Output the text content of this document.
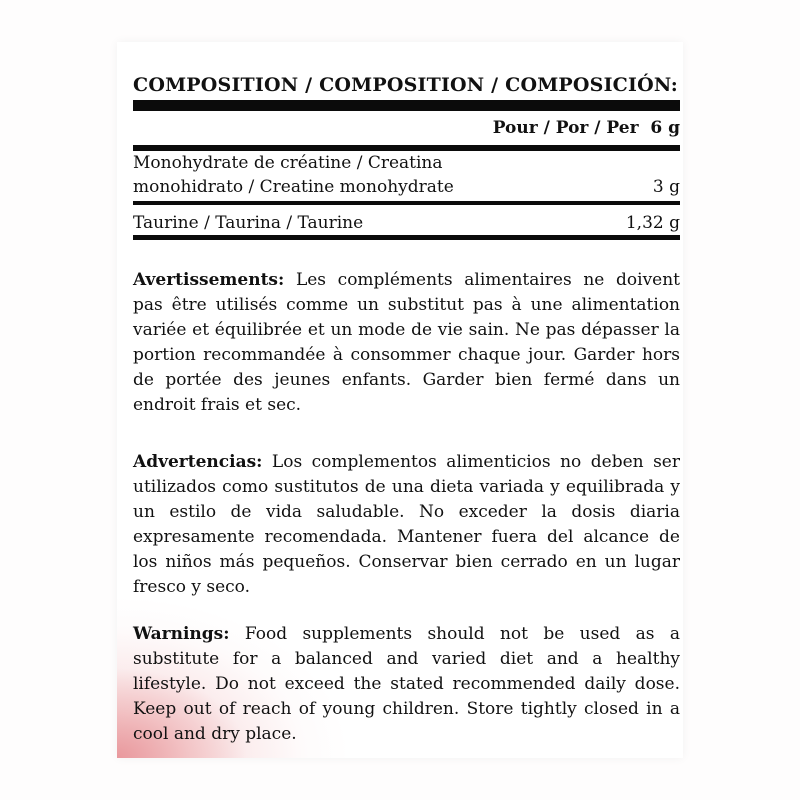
COMPOSITION / COMPOSITION / COMPOSICIÓN:
Pour / Por / Per  6 g
Monohydrate de créatine / Creatina
monohidrato / Creatine monohydrate	3 g
Taurine / Taurina / Taurine	1,32 g

Avertissements: Les compléments alimentaires ne doivent pas être utilisés comme un substitut pas à une alimentation variée et équilibrée et un mode de vie sain. Ne pas dépasser la portion recommandée à consommer chaque jour. Garder hors de portée des jeunes enfants. Garder bien fermé dans un endroit frais et sec.

Advertencias: Los complementos alimenticios no deben ser utilizados como sustitutos de una dieta variada y equilibrada y un estilo de vida saludable. No exceder la dosis diaria expresamente recomendada. Mantener fuera del alcance de los niños más pequeños. Conservar bien cerrado en un lugar fresco y seco.

Warnings: Food supplements should not be used as a substitute for a balanced and varied diet and a healthy lifestyle. Do not exceed the stated recommended daily dose. Keep out of reach of young children. Store tightly closed in a cool and dry place.
